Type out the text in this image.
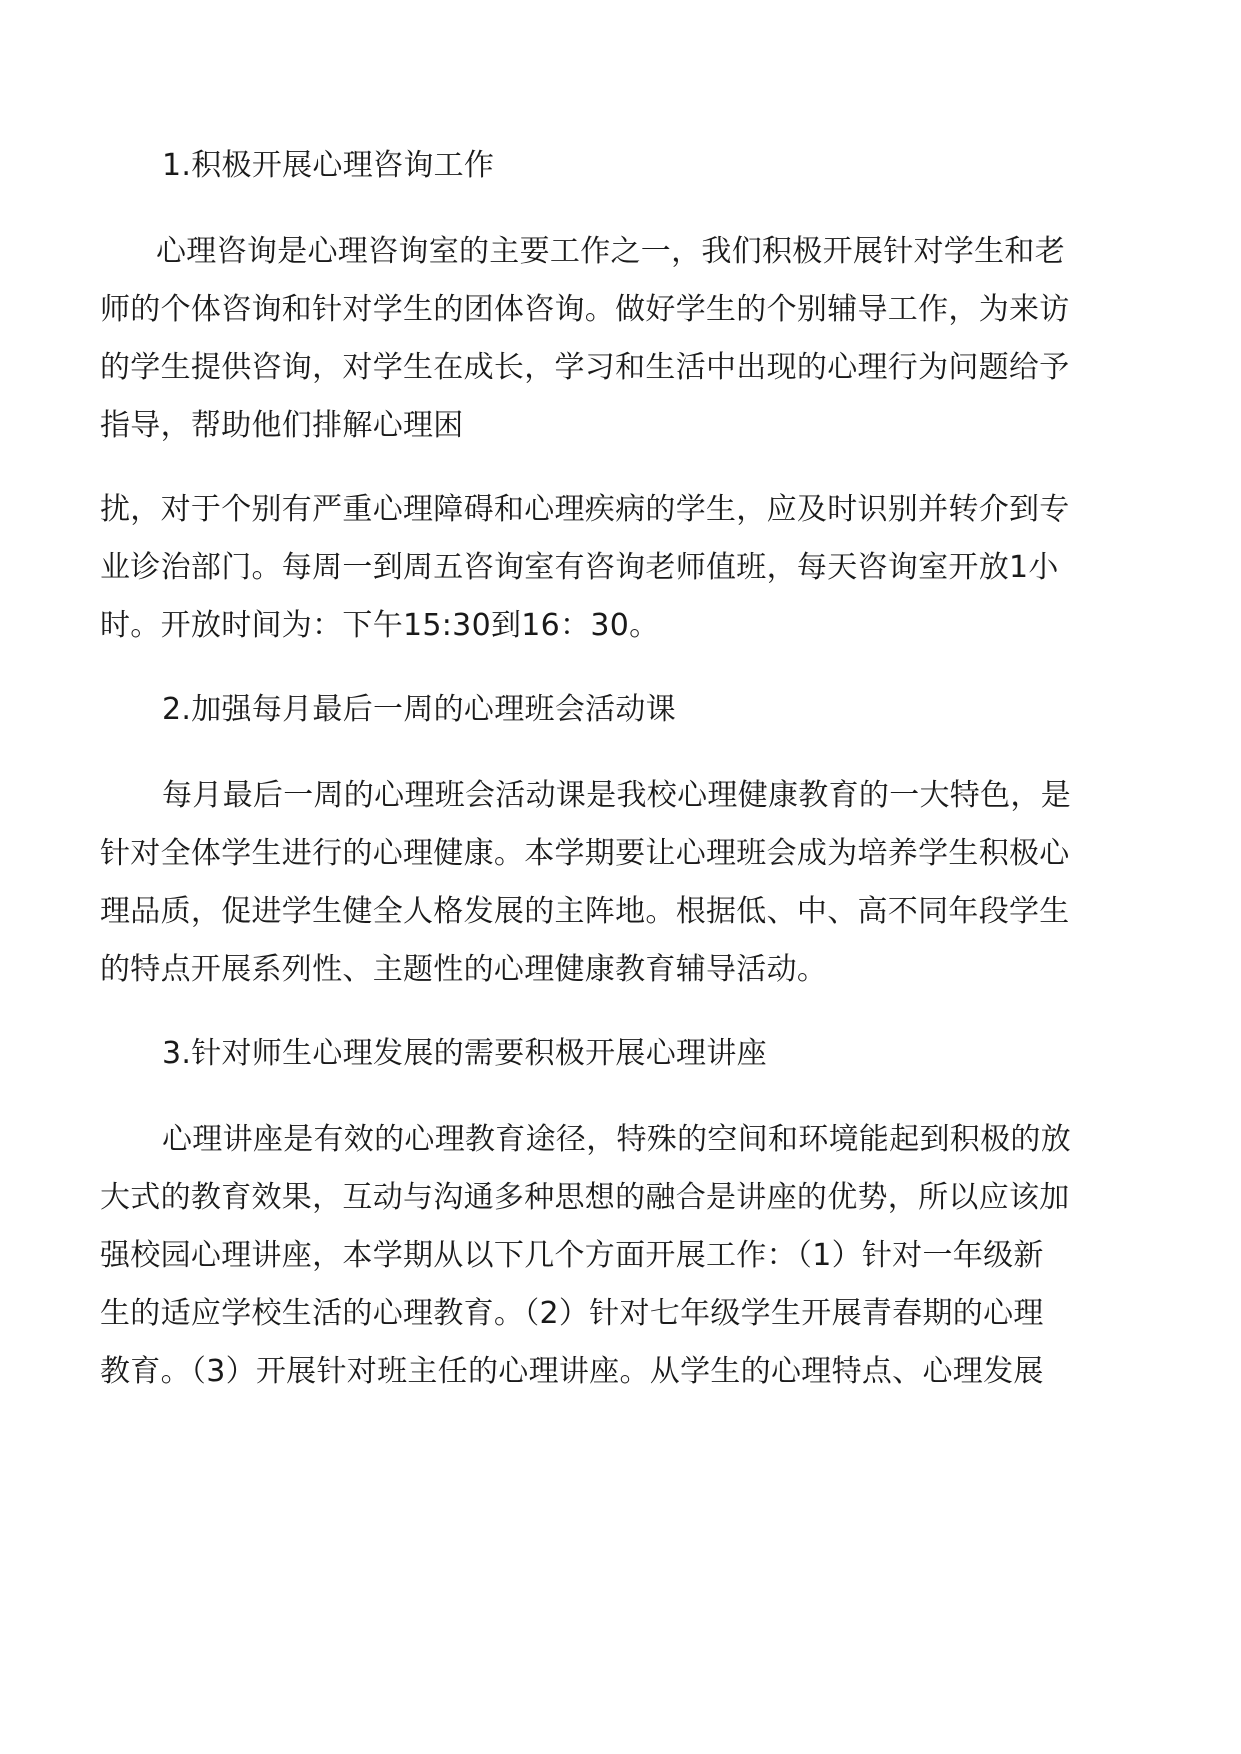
1.积极开展心理咨询工作
心理咨询是心理咨询室的主要工作之一，我们积极开展针对学生和老
师的个体咨询和针对学生的团体咨询。做好学生的个别辅导工作，为来访
的学生提供咨询，对学生在成长，学习和生活中出现的心理行为问题给予
指导，帮助他们排解心理困
扰，对于个别有严重心理障碍和心理疾病的学生，应及时识别并转介到专
业诊治部门。每周一到周五咨询室有咨询老师值班，每天咨询室开放1小
时。开放时间为：下午15:30到16：30。
2.加强每月最后一周的心理班会活动课
每月最后一周的心理班会活动课是我校心理健康教育的一大特色，是
针对全体学生进行的心理健康。本学期要让心理班会成为培养学生积极心
理品质，促进学生健全人格发展的主阵地。根据低、中、高不同年段学生
的特点开展系列性、主题性的心理健康教育辅导活动。
3.针对师生心理发展的需要积极开展心理讲座
心理讲座是有效的心理教育途径，特殊的空间和环境能起到积极的放
大式的教育效果，互动与沟通多种思想的融合是讲座的优势，所以应该加
强校园心理讲座，本学期从以下几个方面开展工作：（1）针对一年级新
生的适应学校生活的心理教育。（2）针对七年级学生开展青春期的心理
教育。（3）开展针对班主任的心理讲座。从学生的心理特点、心理发展
